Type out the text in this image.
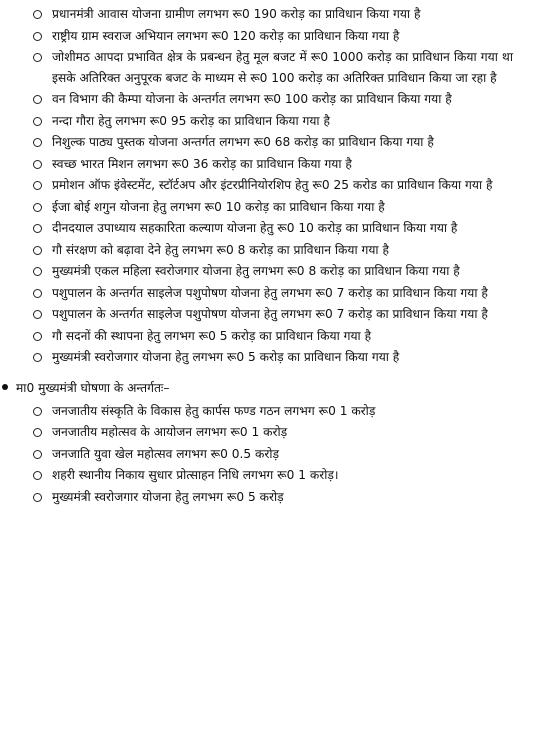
प्रधानमंत्री आवास योजना ग्रामीण लगभग रू0 190 करोड़ का प्राविधान किया गया है
राष्ट्रीय ग्राम स्वराज अभियान लगभग रू0 120 करोड़ का प्राविधान किया गया है
जोशीमठ आपदा प्रभावित क्षेत्र के प्रबन्धन हेतु मूल बजट में रू0 1000 करोड़ का प्राविधान किया गया था इसके अतिरिक्त अनुपूरक बजट के माध्यम से रू0 100 करोड़ का अतिरिक्त प्राविधान किया जा रहा है
वन विभाग की कैम्पा योजना के अन्तर्गत लगभग रू0 100 करोड़ का प्राविधान किया गया है
नन्दा गौरा हेतु लगभग रू0 95 करोड़ का प्राविधान किया गया है
निशुल्क पाठ्य पुस्तक योजना अन्तर्गत लगभग रू0 68 करोड़ का प्राविधान किया गया है
स्वच्छ भारत मिशन लगभग रू0 36 करोड़ का प्राविधान किया गया है
प्रमोशन ऑफ इंवेस्टमेंट, स्टॉर्टअप और इंटरप्रीनियोरशिप हेतु रू0 25 करोड का प्राविधान किया गया है
ईजा बोई शगुन योजना हेतु लगभग रू0 10 करोड़ का प्राविधान किया गया है
दीनदयाल उपाध्याय सहकारिता कल्याण योजना हेतु रू0 10 करोड़ का प्राविधान किया गया है
गौ संरक्षण को बढ़ावा देने हेतु लगभग रू0 8 करोड़ का प्राविधान किया गया है
मुख्यमंत्री एकल महिला स्वरोजगार योजना हेतु लगभग रू0 8 करोड़ का प्राविधान किया गया है
पशुपालन के अन्तर्गत साइलेज पशुपोषण योजना हेतु लगभग रू0 7 करोड़ का प्राविधान किया गया है
पशुपालन के अन्तर्गत साइलेज पशुपोषण योजना हेतु लगभग रू0 7 करोड़ का प्राविधान किया गया है
गौ सदनों की स्थापना हेतु लगभग रू0 5 करोड़ का प्राविधान किया गया है
मुख्यमंत्री स्वरोजगार योजना हेतु लगभग रू0 5 करोड़ का प्राविधान किया गया है
मा0 मुख्यमंत्री घोषणा के अन्तर्गतः–
जनजातीय संस्कृति के विकास हेतु कार्पस फण्ड गठन लगभग रू0 1 करोड़
जनजातीय महोत्सव के आयोजन लगभग रू0 1 करोड़
जनजाति युवा खेल महोत्सव लगभग रू0 0.5 करोड़
शहरी स्थानीय निकाय सुधार प्रोत्साहन निधि लगभग रू0 1 करोड़।
मुख्यमंत्री स्वरोजगार योजना हेतु लगभग रू0 5 करोड़
